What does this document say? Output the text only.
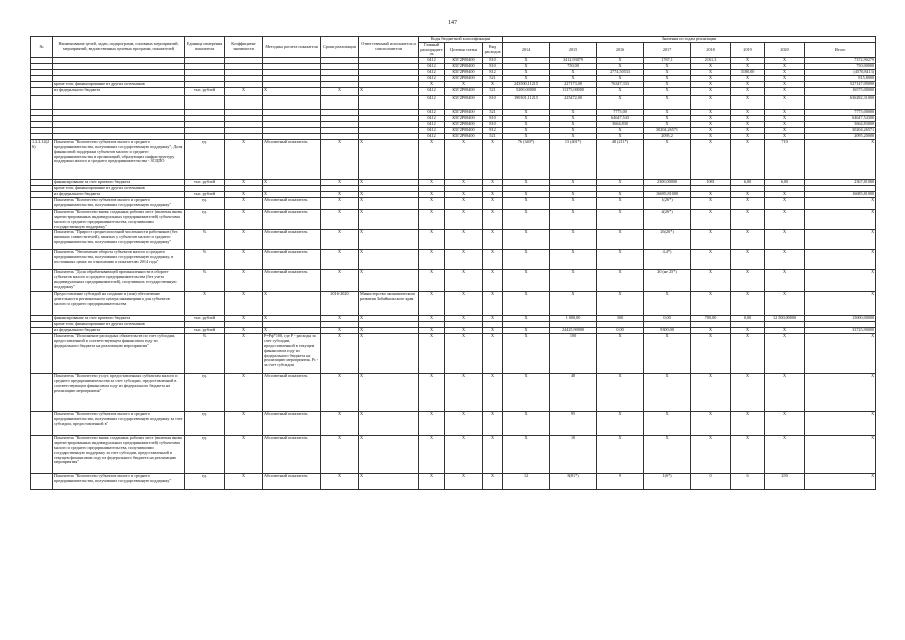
147
№	Наименование целей, задач, подпрограмм, основных мероприятий, мероприятий, ведомственных целевых программ, показателей	Единица измерения показателя	Коэффициент значимости	Методика расчета показателя	Сроки реализации	Ответственный исполнитель и соисполнители	Коды бюджетной классификации			Значения по годам реализации							
							Главный распорядитель	Целевая статья	Вид расходов	2014	2015	2016	2017	2018	2019	2020	Итого
							0412	К5Г2Р08400	810	X	3412,93079	X	1767,1	2161,3	X	X	7372,90279
							0412	К5Г2Р08400	810	X	750,00	X	X	X	X	X	750,00000
							0412	К5Г2Р08400	812	X	X	2774,50533	X	X	3180,00	X	(4570,8413)
							0412	К5Г2Р08400	521	X	X	X	X	X	X	X	815,8000
	кроме того, финансирование из других источников						X	X	X	243500,11215	227173,00	76347,333	X	X	X	X	527147,09090
	из федерального бюджета	тыс. рублей	X	X	X	X	0412	К5Г2Р08400	521	5200,00000	11375,00000	X	X	X	X	X	16575,00000
							0412	К5Г2Р08400	810	190301,11215	225472,00	X	X	X	X	X	636282,31000
							0412	К5Г2Р08400	521	X	X	7775,00	X	X	X	X	7775,00000
							0412	К5Г2Р08400	810	X	X	64647,543	X	X	X	X	64647,54300
							0412	К5Г2Р08400	810	X	X	3664,830	X	X	X	X	3664,83000
							0412	К5Г2Р08400	812	X	X	X	30204,26571	X	X	X	30204,26571
							0412	К5Г2Р08400	521	X	X	X	2095,2	X	X	X	2095,20000
1.2.2.14(26)	Показатель "Количество субъектов малого и среднего предпринимательства, получивших государственную поддержку"; Доля финансовой поддержки субъектов малого и среднего предпринимательства и организаций, образующих инфраструктуру поддержки малого и среднего предпринимательства - ЗСЦПО	ед.	X	Абсолютный показатель	X	X	X	X	X	76 (340*)	13 (401*)	48 (211*)	X	X	X	710	X
	финансирование за счет краевого бюджета	тыс. рублей	X	X	X	X	X	X	X	X	X	X	2300,00000	1081	6,00	6,00	2367,81000
	кроме того, финансирование из других источников																
	из федерального бюджета	тыс. рублей	X	X	X	X	X	X	X	X	X	X	16685,81000	X	X	X	16685,81000
	Показатель "Количество субъектов малого и среднего предпринимательства, получивших государственную поддержку"	ед.	X	Абсолютный показатель	X	X	X	X	X	X	X	X	1(26*)	X	X	X	X
	Показатель "Количество вновь созданных рабочих мест (включая вновь зарегистрированных индивидуальных предпринимателей) субъектами малого и среднего предпринимательства, получившими государственную поддержку"	ед.	X	Абсолютный показатель	X	X	X	X	X	X	X	X	4(26*)	X	X	X	X
	Показатель "Прирост среднесписочной численности работников (без внешних совместителей), занятых у субъектов малого и среднего предпринимательства, получивших государственную поддержку"	%	X	Абсолютный показатель	X	X	X	X	X	X	X	X	26(26*)	X	X	X	X
	Показатель "Увеличение оборота субъектов малого и среднего предпринимательства, получивших государственную поддержку, в постоянных ценах по отношению к показателю 2014 года"	%	X	Абсолютный показатель	X	X	X	X	X	X	X	X	4,4*)	X	X	X	X
	Показатель "Доля обрабатывающей промышленности в обороте субъектов малого и среднего предпринимательства (без учета индивидуальных предпринимателей), получивших государственную поддержку"	%	X	Абсолютный показатель	X	X	X	X	X	X	X	X	20 (не 25*)	X	X	X	X
	Предоставление субсидий на создание и (или) обеспечение деятельности регионального центра инжиниринга для субъектов малого и среднего предпринимательства	X	X	X	2016-2020	Министерство экономического развития Забайкальского края	X	X	X	X	X	X	X	X	X	X	X
	финансирование за счет краевого бюджета	тыс. рублей	X	X	X	X	X	X	X	X	1 000,00	300	0,00	700,00	0,00	12 500,00000	15000,00000
	кроме того, финансирование из других источников																
	из федерального бюджета	тыс. рублей	X	X	X	X	X	X	X	X	24425,90000	0,00	9300,00	X	X	X	33725,90000
	Показатель "Исполнение расходных обязательств по счет субсидии, предоставленной в соответствующем финансовом году из федерального бюджета на реализацию мероприятия"	%	X	Р=Рф*100, где Р - расходы за счет субсидии, предоставленной в текущем финансовом году из федерального бюджета на реализацию мероприятия, Рс - за счет субсидии	X	X	X	X	X	X	100	X	X	X	X	X	X
	Показатель "Количество услуг, предоставленных субъектам малого и среднего предпринимательства за счет субсидии, предоставленной в соответствующем финансовом году из федерального бюджета на реализацию мероприятия"	ед.	X	Абсолютный показатель	X	X	X	X	X	X	48	X	X	X	X	X	X
	Показатель "Количество субъектов малого и среднего предпринимательства, получивших государственную поддержку за счет субсидии, предоставленной в"	ед.	X	Абсолютный показатель	X	X	X	X	X	X	95	X	X	X	X	X	X
	Показатель "Количество вновь созданных рабочих мест (включая вновь зарегистрированных индивидуальных предпринимателей) субъектами малого и среднего предпринимательства, получившими государственную поддержку за счет субсидии, предоставленной в текущем финансовом году из федерального бюджета на реализацию мероприятия"	ед.	X	Абсолютный показатель	X	X	X	X	X	X	10	X	X	X	X	X	X
	Показатель "Количество субъектов малого и среднего предпринимательства, получивших государственную поддержку"	ед.	X	Абсолютный показатель	X	X	X	X	X	12	8(81*)	9	1(6*)	0	6	250	X
